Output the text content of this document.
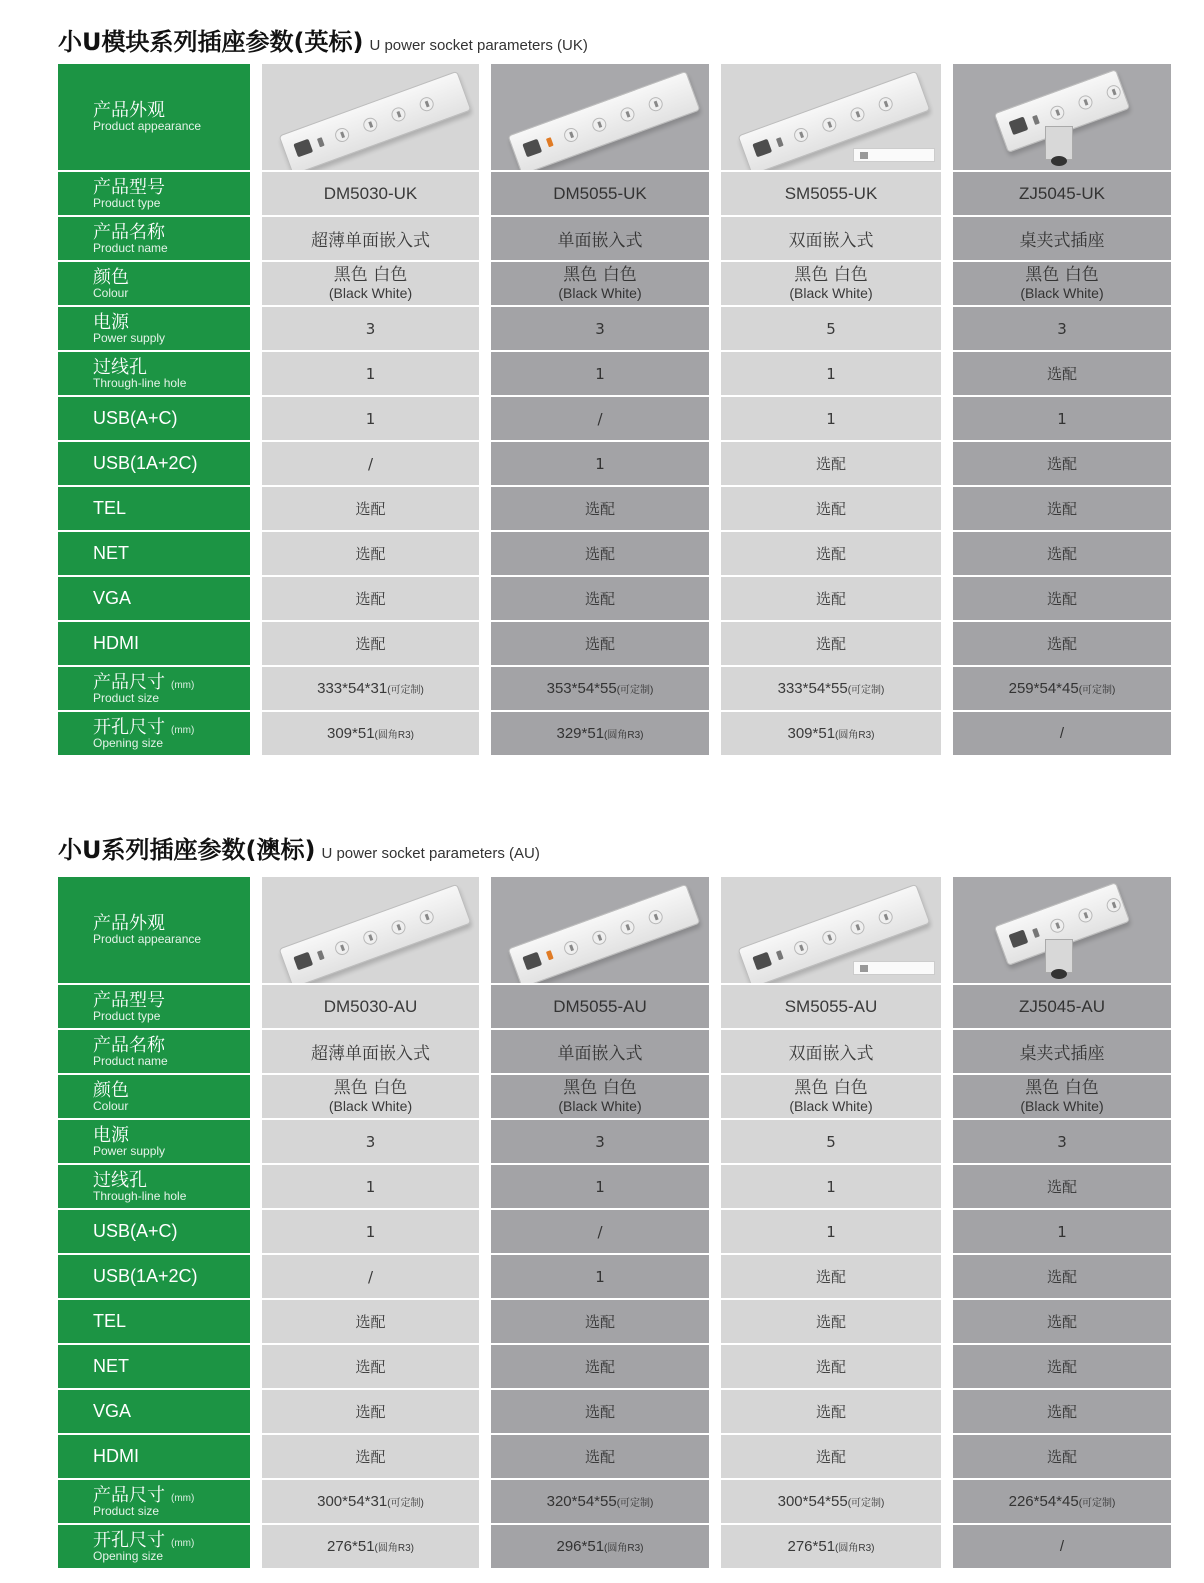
小U模块系列插座参数(英标) U power socket parameters (UK)
产品外观
Product appearance
产品型号
Product type
产品名称
Product name
颜色
Colour
电源
Power supply
过线孔
Through-line hole
USB(A+C)
USB(1A+2C)
TEL
NET
VGA
HDMI
产品尺寸 (mm)
Product size
开孔尺寸 (mm)
Opening size
DM5030-UK
超薄单面嵌入式
黑色 白色
(Black White)
3
1
1
/
选配
选配
选配
选配
333*54*31(可定制)
309*51(圆角R3)
DM5055-UK
单面嵌入式
黑色 白色
(Black White)
3
1
/
1
选配
选配
选配
选配
353*54*55(可定制)
329*51(圆角R3)
SM5055-UK
双面嵌入式
黑色 白色
(Black White)
5
1
1
选配
选配
选配
选配
选配
333*54*55(可定制)
309*51(圆角R3)
ZJ5045-UK
桌夹式插座
黑色 白色
(Black White)
3
选配
1
选配
选配
选配
选配
选配
259*54*45(可定制)
/
小U系列插座参数(澳标) U power socket parameters (AU)
产品外观
Product appearance
产品型号
Product type
产品名称
Product name
颜色
Colour
电源
Power supply
过线孔
Through-line hole
USB(A+C)
USB(1A+2C)
TEL
NET
VGA
HDMI
产品尺寸 (mm)
Product size
开孔尺寸 (mm)
Opening size
DM5030-AU
超薄单面嵌入式
黑色 白色
(Black White)
3
1
1
/
选配
选配
选配
选配
300*54*31(可定制)
276*51(圆角R3)
DM5055-AU
单面嵌入式
黑色 白色
(Black White)
3
1
/
1
选配
选配
选配
选配
320*54*55(可定制)
296*51(圆角R3)
SM5055-AU
双面嵌入式
黑色 白色
(Black White)
5
1
1
选配
选配
选配
选配
选配
300*54*55(可定制)
276*51(圆角R3)
ZJ5045-AU
桌夹式插座
黑色 白色
(Black White)
3
选配
1
选配
选配
选配
选配
选配
226*54*45(可定制)
/
